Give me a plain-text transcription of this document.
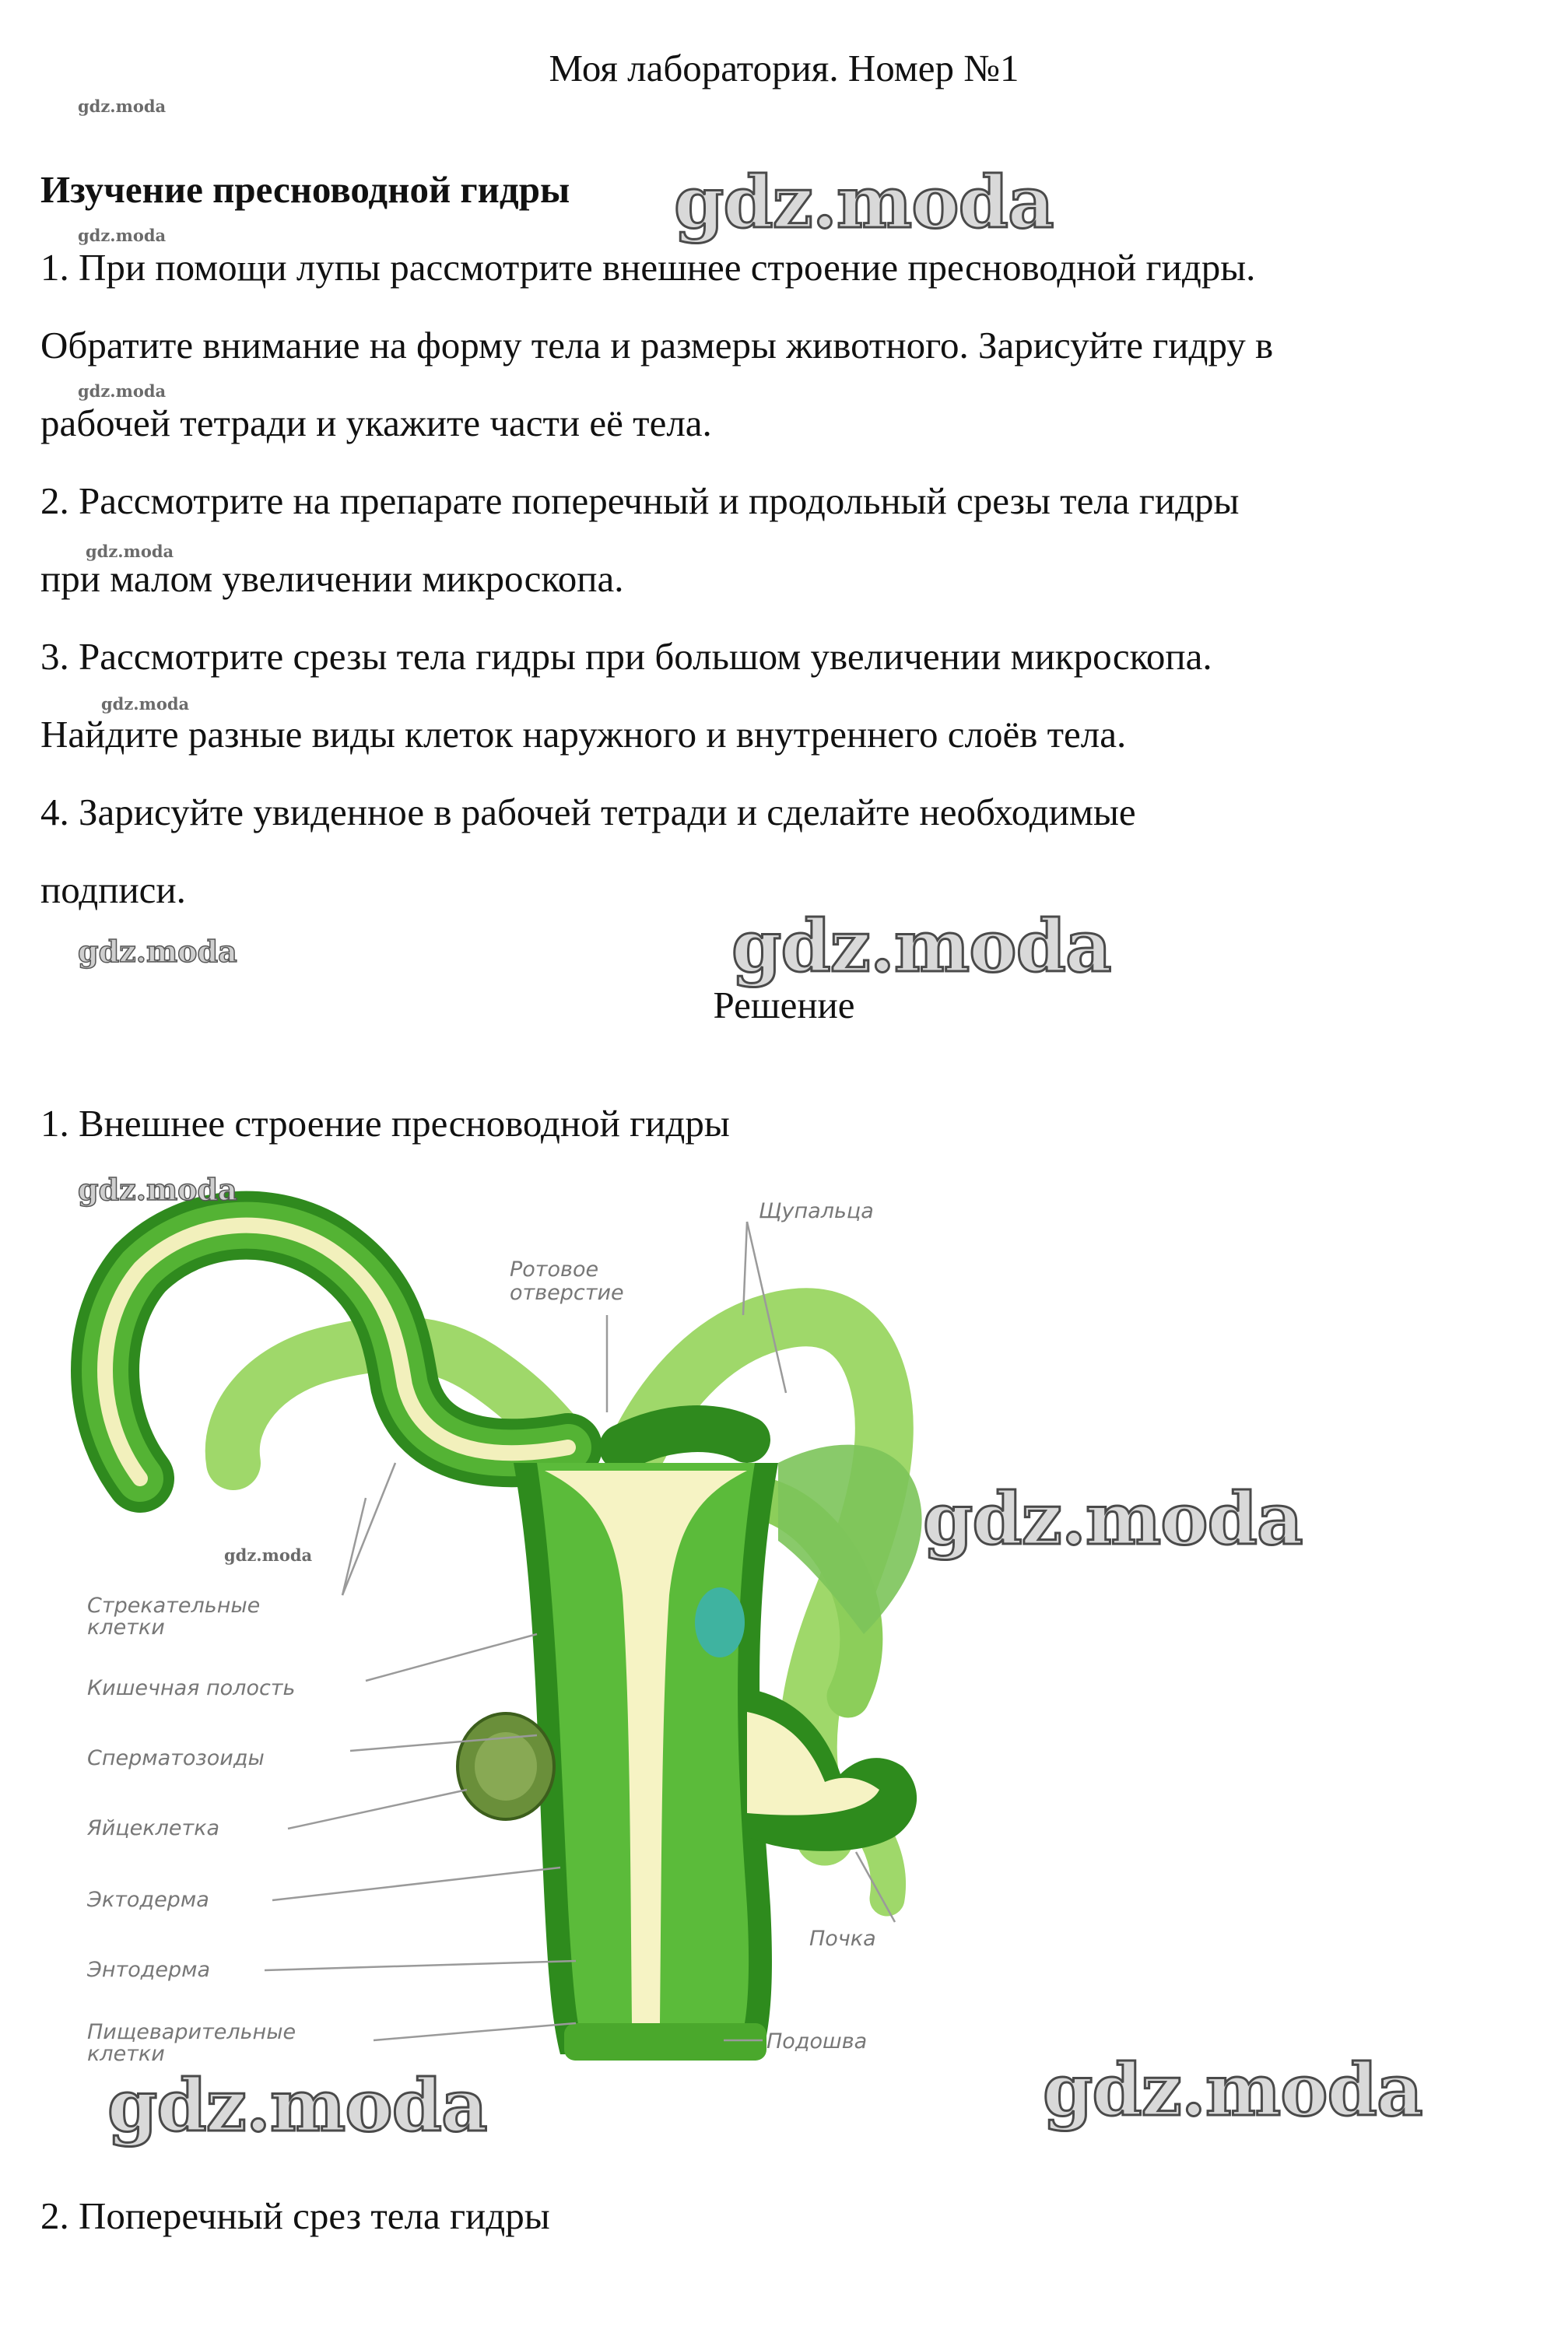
Моя лаборатория. Номер №1
Изучение пресноводной гидры
1. При помощи лупы рассмотрите внешнее строение пресноводной гидры.
Обратите внимание на форму тела и размеры животного. Зарисуйте гидру в
рабочей тетради и укажите части её тела.
2. Рассмотрите на препарате поперечный и продольный срезы тела гидры
при малом увеличении микроскопа.
3. Рассмотрите срезы тела гидры при большом увеличении микроскопа.
Найдите разные виды клеток наружного и внутреннего слоёв тела.
4. Зарисуйте увиденное в рабочей тетради и сделайте необходимые
подписи.
Решение
1. Внешнее строение пресноводной гидры
2. Поперечный срез тела гидры
Щупальца
Ротовое
отверстие
Стрекательные
клетки
Кишечная полость
Сперматозоиды
Яйцеклетка
Эктодерма
Энтодерма
Пищеварительные
клетки
Почка
Подошва
gdz.moda
gdz.moda
gdz.moda
gdz.moda
gdz.moda
gdz.moda
gdz.moda
gdz.moda
gdz.moda
gdz.moda
gdz.moda
gdz.moda	gdz.moda
